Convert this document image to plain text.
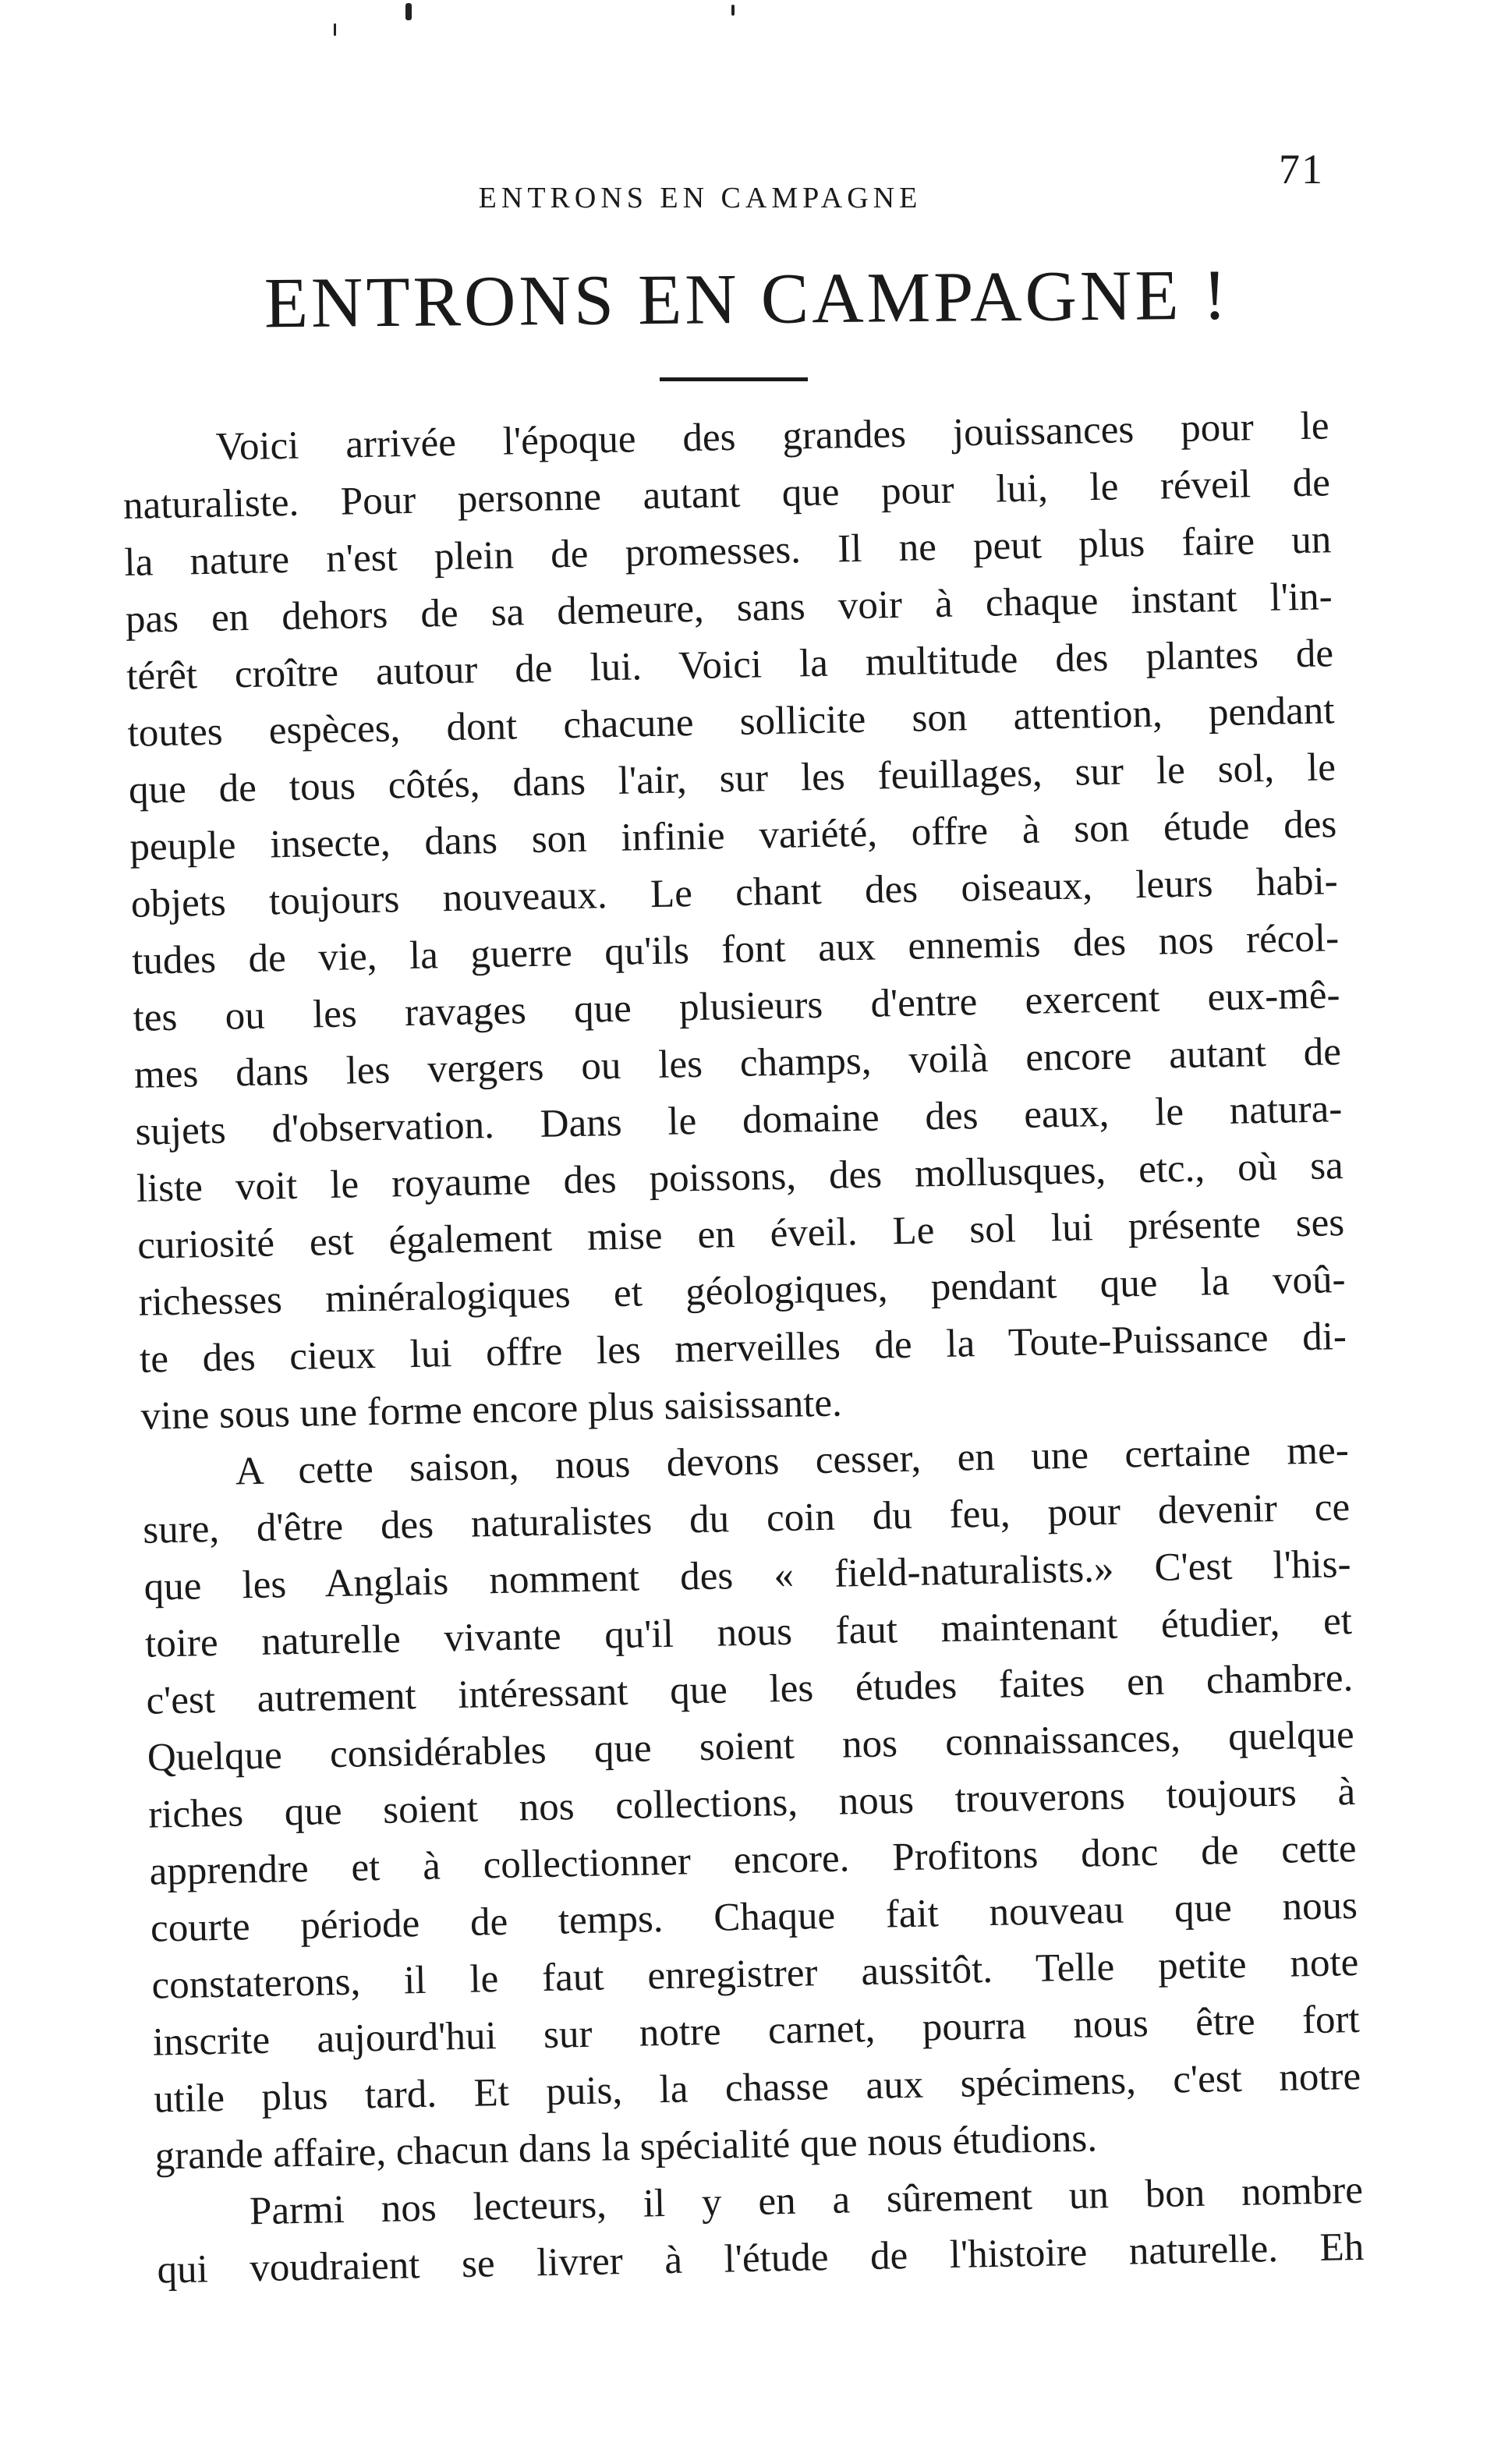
71
ENTRONS EN CAMPAGNE
ENTRONS EN CAMPAGNE !
Voici arrivée l'époque des grandes jouissances pour le
naturaliste. Pour personne autant que pour lui, le réveil de
la nature n'est plein de promesses. Il ne peut plus faire un
pas en dehors de sa demeure, sans voir à chaque instant l'in-
térêt croître autour de lui. Voici la multitude des plantes de
toutes espèces, dont chacune sollicite son attention, pendant
que de tous côtés, dans l'air, sur les feuillages, sur le sol, le
peuple insecte, dans son infinie variété, offre à son étude des
objets toujours nouveaux. Le chant des oiseaux, leurs habi-
tudes de vie, la guerre qu'ils font aux ennemis des nos récol-
tes ou les ravages que plusieurs d'entre exercent eux-mê-
mes dans les vergers ou les champs, voilà encore autant de
sujets d'observation. Dans le domaine des eaux, le natura-
liste voit le royaume des poissons, des mollusques, etc., où sa
curiosité est également mise en éveil. Le sol lui présente ses
richesses minéralogiques et géologiques, pendant que la voû-
te des cieux lui offre les merveilles de la Toute-Puissance di-
vine sous une forme encore plus saisissante.
A cette saison, nous devons cesser, en une certaine me-
sure, d'être des naturalistes du coin du feu, pour devenir ce
que les Anglais nomment des « field-naturalists.» C'est l'his-
toire naturelle vivante qu'il nous faut maintenant étudier, et
c'est autrement intéressant que les études faites en chambre.
Quelque considérables que soient nos connaissances, quelque
riches que soient nos collections, nous trouverons toujours à
apprendre et à collectionner encore. Profitons donc de cette
courte période de temps. Chaque fait nouveau que nous
constaterons, il le faut enregistrer aussitôt. Telle petite note
inscrite aujourd'hui sur notre carnet, pourra nous être fort
utile plus tard. Et puis, la chasse aux spécimens, c'est notre
grande affaire, chacun dans la spécialité que nous étudions.
Parmi nos lecteurs, il y en a sûrement un bon nombre
qui voudraient se livrer à l'étude de l'histoire naturelle. Eh
